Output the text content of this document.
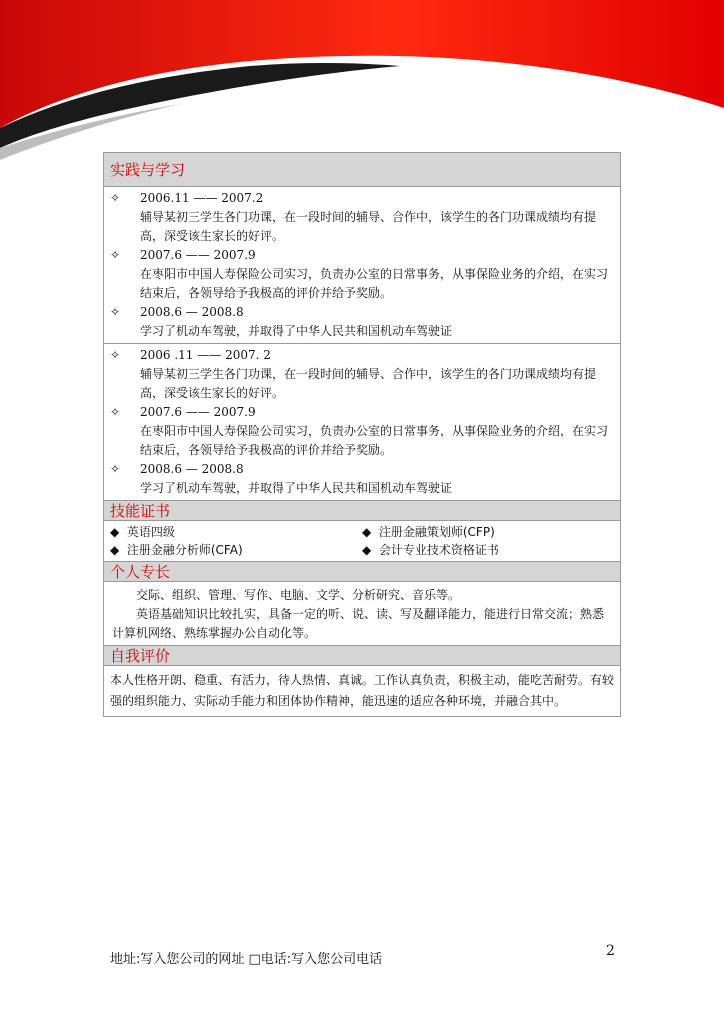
实践与学习
✧ 2006.11 —— 2007.2
辅导某初三学生各门功课，在一段时间的辅导、合作中，该学生的各门功课成绩均有提高，深受该生家长的好评。
✧ 2007.6 —— 2007.9
在枣阳市中国人寿保险公司实习，负责办公室的日常事务，从事保险业务的介绍，在实习结束后，各领导给予我极高的评价并给予奖励。
✧ 2008.6 — 2008.8
学习了机动车驾驶，并取得了中华人民共和国机动车驾驶证
✧ 2006 .11 —— 2007. 2
辅导某初三学生各门功课，在一段时间的辅导、合作中，该学生的各门功课成绩均有提高，深受该生家长的好评。
✧ 2007.6 —— 2007.9
在枣阳市中国人寿保险公司实习，负责办公室的日常事务，从事保险业务的介绍，在实习结束后，各领导给予我极高的评价并给予奖励。
✧ 2008.6 — 2008.8
学习了机动车驾驶，并取得了中华人民共和国机动车驾驶证
技能证书
◆ 英语四级	◆ 注册金融策划师(CFP)
◆ 注册金融分析师(CFA)	◆ 会计专业技术资格证书
个人专长

交际、组织、管理、写作、电脑、文学、分析研究、音乐等。

英语基础知识比较扎实，具备一定的听、说、读、写及翻译能力，能进行日常交流；熟悉计算机网络、熟练掌握办公自动化等。

自我评价

本人性格开朗、稳重、有活力，待人热情、真诚。工作认真负责，积极主动，能吃苦耐劳。有较强的组织能力、实际动手能力和团体协作精神，能迅速的适应各种环境，并融合其中。

地址:写入您公司的网址 □电话:写入您公司电话
2
